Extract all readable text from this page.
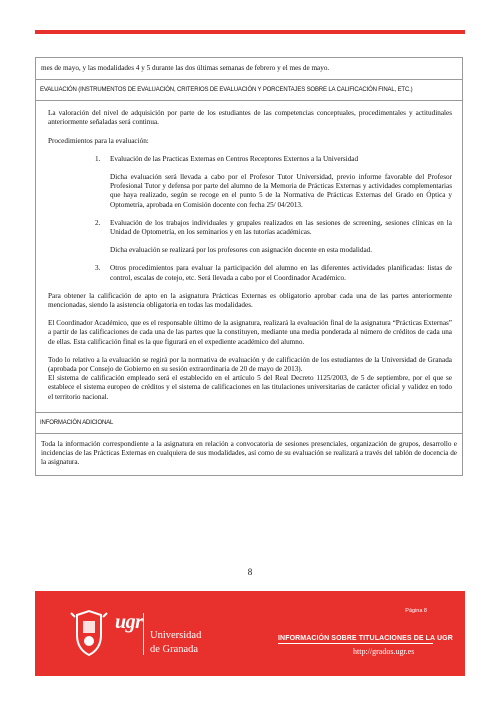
mes de mayo, y las modalidades 4 y 5 durante las dos últimas semanas de febrero y el mes de mayo.
EVALUACIÓN (INSTRUMENTOS DE EVALUACIÓN, CRITERIOS DE EVALUACIÓN Y PORCENTAJES SOBRE LA CALIFICACIÓN FINAL, ETC.)

La valoración del nivel de adquisición por parte de los estudiantes de las competencias conceptuales, procedimentales y actitudinales anteriormente señaladas será continua.

Procedimientos para la evaluación:

1. Evaluación de las Practicas Externas en Centros Receptores Externos a la Universidad
Dicha evaluación será llevada a cabo por el Profesor Tutor Universidad, previo informe favorable del Profesor Profesional Tutor y defensa por parte del alumno de la Memoria de Prácticas Externas y actividades complementarias que haya realizado, según se recoge en el punto 5 de la Normativa de Prácticas Externas del Grado en Óptica y Optometría, aprobada en Comisión docente con fecha 25/ 04/2013.
2. Evaluación de los trabajos individuales y grupales realizados en las sesiones de screening, sesiones clínicas en la Unidad de Optometría, en los seminarios y en las tutorías académicas.
Dicha evaluación se realizará por los profesores con asignación docente en esta modalidad.
3. Otros procedimientos para evaluar la participación del alumno en las diferentes actividades planificadas: listas de control, escalas de cotejo, etc. Será llevada a cabo por el Coordinador Académico.

Para obtener la calificación de apto en la asignatura Prácticas Externas es obligatorio aprobar cada una de las partes anteriormente mencionadas, siendo la asistencia obligatoria en todas las modalidades.

El Coordinador Académico, que es el responsable último de la asignatura, realizará la evaluación final de la asignatura “Prácticas Externas” a partir de las calificaciones de cada una de las partes que la constituyen, mediante una media ponderada al número de créditos de cada una de ellas. Esta calificación final es la que figurará en el expediente académico del alumno.

Todo lo relativo a la evaluación se regirá por la normativa de evaluación y de calificación de los estudiantes de la Universidad de Granada (aprobada por Consejo de Gobierno en su sesión extraordinaria de 20 de mayo de 2013).

El sistema de calificación empleado será el establecido en el artículo 5 del Real Decreto 1125/2003, de 5 de septiembre, por el que se establece el sistema europeo de créditos y el sistema de calificaciones en las titulaciones universitarias de carácter oficial y validez en todo el territorio nacional.

INFORMACIÓN ADICIONAL
Toda la información correspondiente a la asignatura en relación a convocatoria de sesiones presenciales, organización de grupos, desarrollo e incidencias de las Prácticas Externas en cualquiera de sus modalidades, así como de su evaluación se realizará a través del tablón de docencia de la asignatura.
8
ugr
Universidad
de Granada
Página 8
INFORMACIÓN SOBRE TITULACIONES DE LA UGR
http://grados.ugr.es
